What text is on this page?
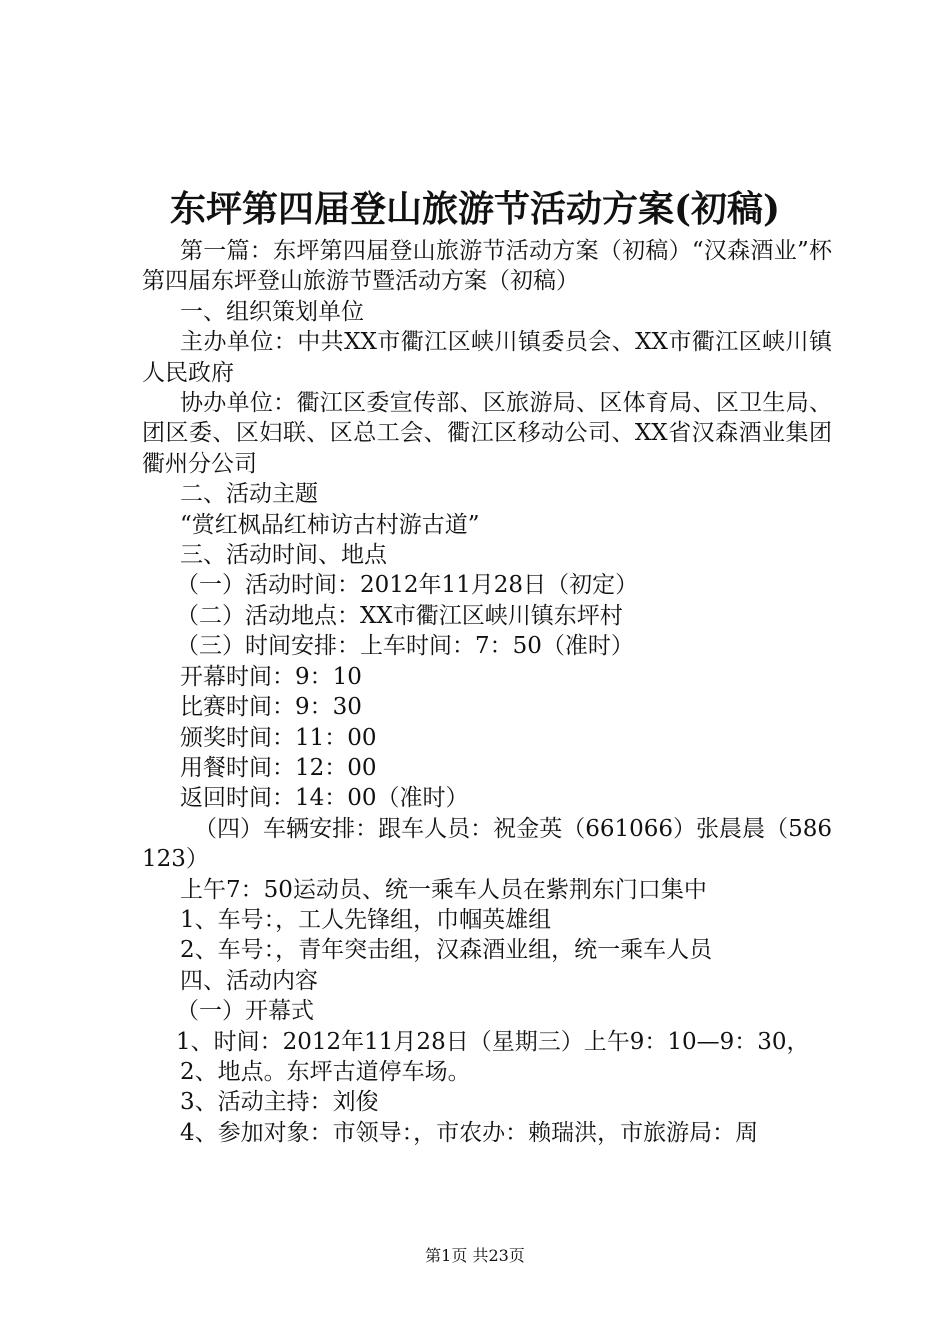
东坪第四届登山旅游节活动方案(初稿)

第一篇：东坪第四届登山旅游节活动方案（初稿）“汉森酒业”杯第四届东坪登山旅游节暨活动方案（初稿）

一、组织策划单位

主办单位：中共XX市衢江区峡川镇委员会、XX市衢江区峡川镇人民政府

协办单位：衢江区委宣传部、区旅游局、区体育局、区卫生局、团区委、区妇联、区总工会、衢江区移动公司、XX省汉森酒业集团衢州分公司

二、活动主题

“赏红枫品红柿访古村游古道”

三、活动时间、地点

（一）活动时间：2012年11月28日（初定）

（二）活动地点：XX市衢江区峡川镇东坪村

（三）时间安排：上车时间：7：50（准时）

开幕时间：9：10

比赛时间：9：30

颁奖时间：11：00

用餐时间：12：00

返回时间：14：00（准时）

（四）车辆安排：跟车人员：祝金英（661066）张晨晨（586123）

上午7：50运动员、统一乘车人员在紫荆东门口集中

1、车号：，工人先锋组，巾帼英雄组

2、车号：，青年突击组，汉森酒业组，统一乘车人员

四、活动内容

（一）开幕式

1、时间：2012年11月28日（星期三）上午9：10—9：30，

2、地点。东坪古道停车场。

3、活动主持：刘俊

4、参加对象：市领导：，市农办：赖瑞洪，市旅游局：周

第1页 共23页
